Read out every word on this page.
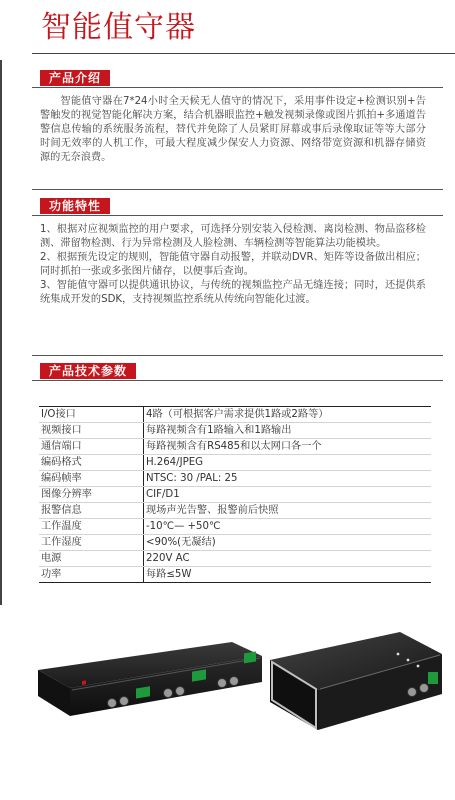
智能值守器
产品介绍

智能值守器在7*24小时全天候无人值守的情况下，采用事件设定+检测识别+告警触发的视觉智能化解决方案，结合机器眼监控+触发视频录像或图片抓拍+多通道告警信息传输的系统服务流程，替代并免除了人员紧盯屏幕或事后录像取证等等大部分时间无效率的人机工作，可最大程度减少保安人力资源、网络带宽资源和机器存储资源的无奈浪费。

功能特性

1、根据对应视频监控的用户要求，可选择分别安装入侵检测、离岗检测、物品盗移检测、滞留物检测、行为异常检测及人脸检测、车辆检测等智能算法功能模块。

2、根据预先设定的规则，智能值守器自动报警，并联动DVR、矩阵等设备做出相应；同时抓拍一张或多张图片储存，以便事后查询。

3、智能值守器可以提供通讯协议，与传统的视频监控产品无缝连接；同时，还提供系统集成开发的SDK，支持视频监控系统从传统向智能化过渡。

产品技术参数
I/O接口	4路（可根据客户需求提供1路或2路等）
视频接口	每路视频含有1路输入和1路输出
通信端口	每路视频含有RS485和以太网口各一个
编码格式	H.264/JPEG
编码帧率	NTSC: 30 /PAL: 25
图像分辨率	CIF/D1
报警信息	现场声光告警、报警前后快照
工作温度	-10℃— +50℃
工作湿度	<90%(无凝结)
电源	220V AC
功率	每路≤5W
